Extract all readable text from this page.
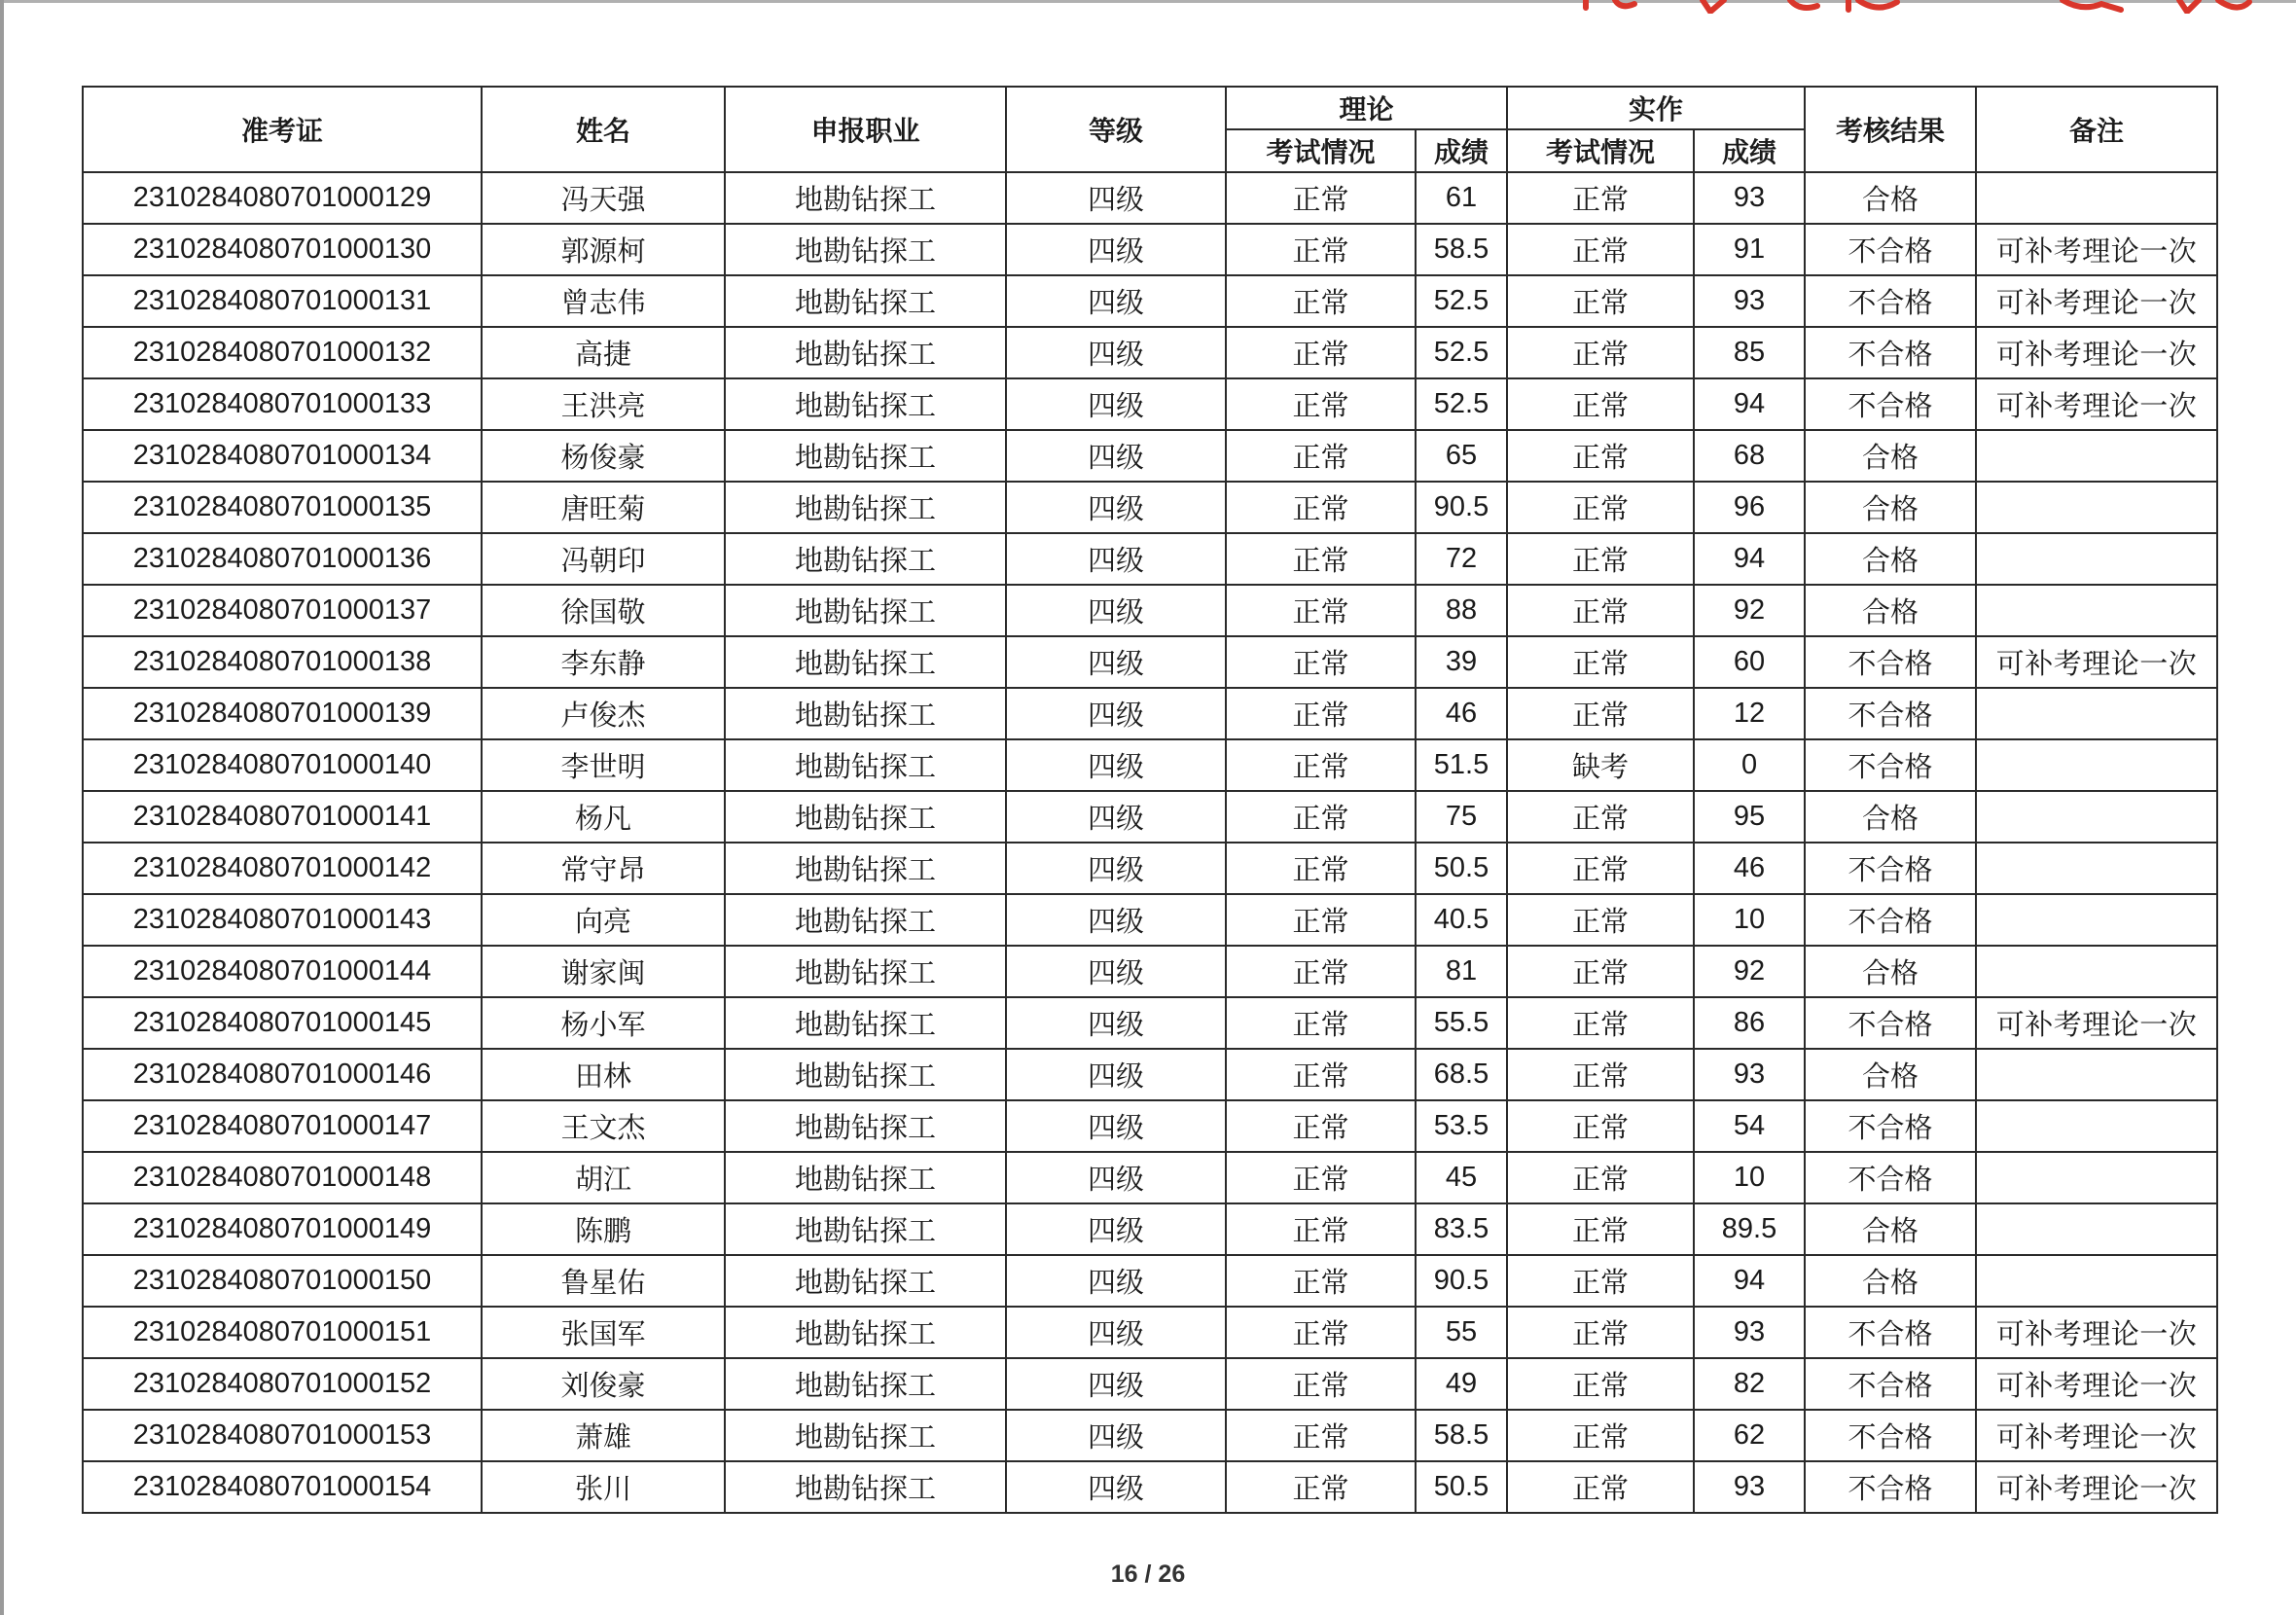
准考证	姓名	申报职业	等级	理论		实作		考核结果	备注
				考试情况	成绩	考试情况	成绩		
2310284080701000129	冯天强	地勘钻探工	四级	正常	61	正常	93	合格	
2310284080701000130	郭源柯	地勘钻探工	四级	正常	58.5	正常	91	不合格	可补考理论一次
2310284080701000131	曾志伟	地勘钻探工	四级	正常	52.5	正常	93	不合格	可补考理论一次
2310284080701000132	高捷	地勘钻探工	四级	正常	52.5	正常	85	不合格	可补考理论一次
2310284080701000133	王洪亮	地勘钻探工	四级	正常	52.5	正常	94	不合格	可补考理论一次
2310284080701000134	杨俊豪	地勘钻探工	四级	正常	65	正常	68	合格	
2310284080701000135	唐旺菊	地勘钻探工	四级	正常	90.5	正常	96	合格	
2310284080701000136	冯朝印	地勘钻探工	四级	正常	72	正常	94	合格	
2310284080701000137	徐国敬	地勘钻探工	四级	正常	88	正常	92	合格	
2310284080701000138	李东静	地勘钻探工	四级	正常	39	正常	60	不合格	可补考理论一次
2310284080701000139	卢俊杰	地勘钻探工	四级	正常	46	正常	12	不合格	
2310284080701000140	李世明	地勘钻探工	四级	正常	51.5	缺考	0	不合格	
2310284080701000141	杨凡	地勘钻探工	四级	正常	75	正常	95	合格	
2310284080701000142	常守昂	地勘钻探工	四级	正常	50.5	正常	46	不合格	
2310284080701000143	向亮	地勘钻探工	四级	正常	40.5	正常	10	不合格	
2310284080701000144	谢家闽	地勘钻探工	四级	正常	81	正常	92	合格	
2310284080701000145	杨小军	地勘钻探工	四级	正常	55.5	正常	86	不合格	可补考理论一次
2310284080701000146	田林	地勘钻探工	四级	正常	68.5	正常	93	合格	
2310284080701000147	王文杰	地勘钻探工	四级	正常	53.5	正常	54	不合格	
2310284080701000148	胡江	地勘钻探工	四级	正常	45	正常	10	不合格	
2310284080701000149	陈鹏	地勘钻探工	四级	正常	83.5	正常	89.5	合格	
2310284080701000150	鲁星佑	地勘钻探工	四级	正常	90.5	正常	94	合格	
2310284080701000151	张国军	地勘钻探工	四级	正常	55	正常	93	不合格	可补考理论一次
2310284080701000152	刘俊豪	地勘钻探工	四级	正常	49	正常	82	不合格	可补考理论一次
2310284080701000153	萧雄	地勘钻探工	四级	正常	58.5	正常	62	不合格	可补考理论一次
2310284080701000154	张川	地勘钻探工	四级	正常	50.5	正常	93	不合格	可补考理论一次
16 / 26
